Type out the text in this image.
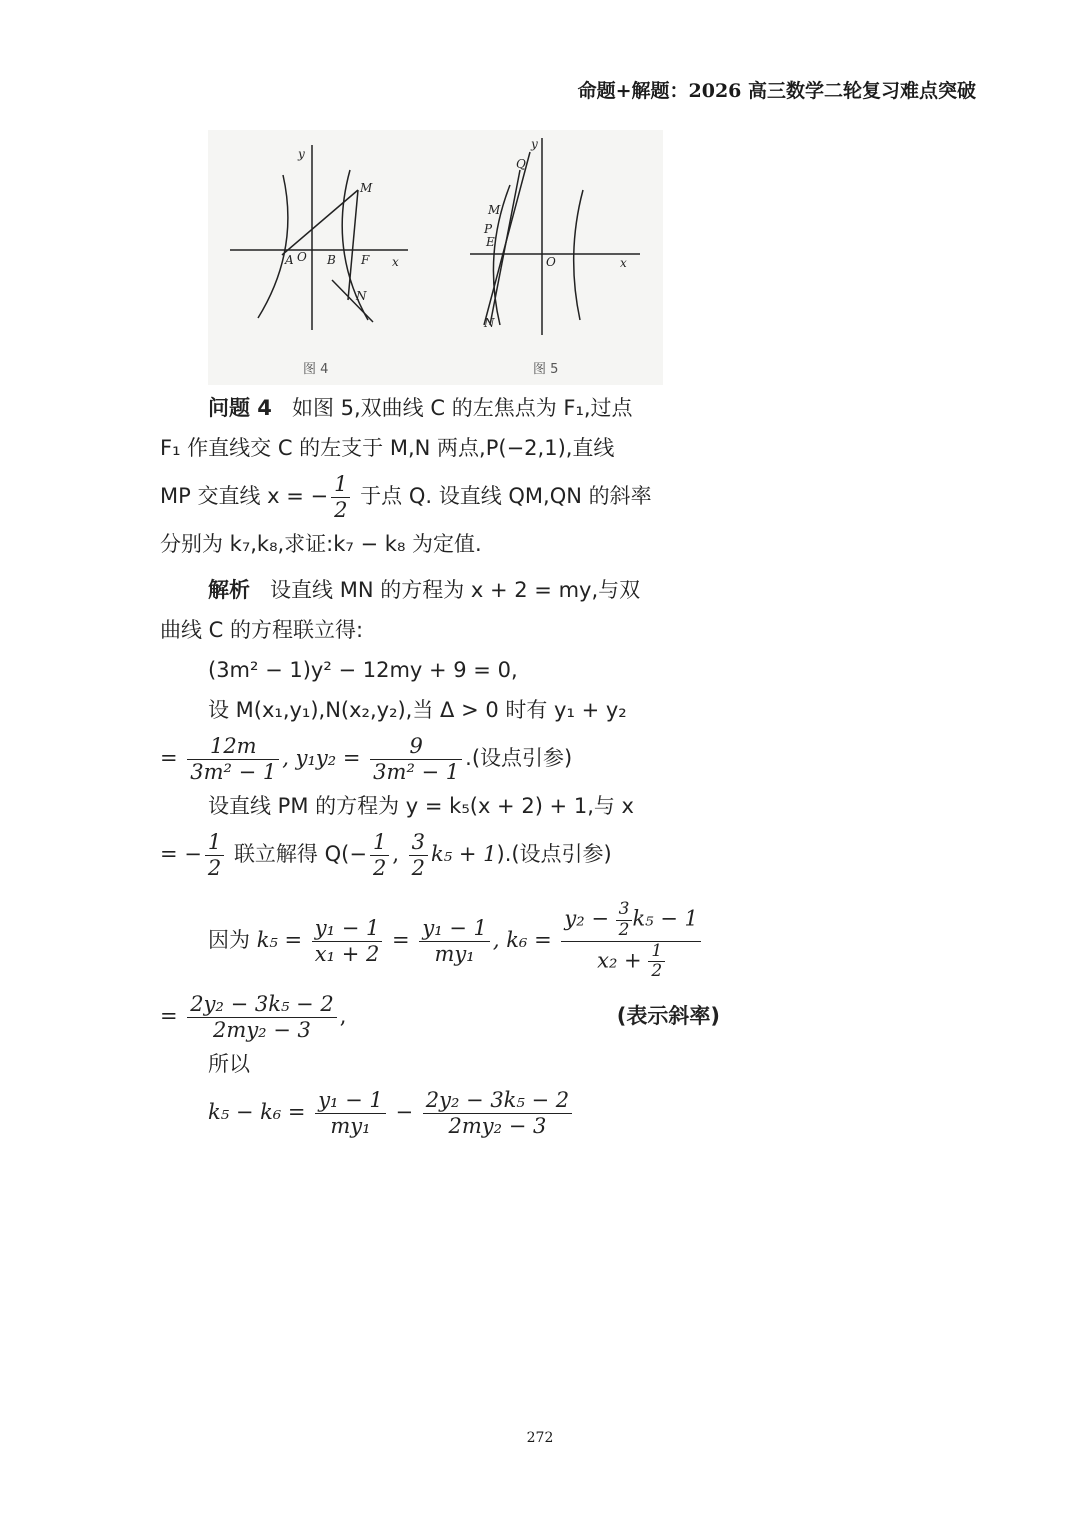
命题+解题：2026 高三数学二轮复习难点突破
y
x
M
A O B F
N
Q
y
x
M
P
E
O
N
图 4	图 5
问题 4 如图 5,双曲线 C 的左焦点为 F₁,过点
F₁ 作直线交 C 的左支于 M,N 两点,P(−2,1),直线
MP 交直线 x = − $\frac{1}{2}$ 于点 Q. 设直线 QM,QN 的斜率
分别为 k₇,k₈,求证:k₇ − k₈ 为定值.
解析 设直线 MN 的方程为 x + 2 = my,与双
曲线 C 的方程联立得:
(3m² − 1)y² − 12my + 9 = 0,
设 M(x₁,y₁),N(x₂,y₂),当 Δ > 0 时有 y₁ + y₂
= $\frac{12m}{\text{3m² − 1}}$ , $y_1y_2 = \frac{9}{\text{3m² − 1}}$ .(设点引参)
设直线 PM 的方程为 y = k₅(x + 2) + 1,与 x
= − $\frac{1}{2}$ 联立解得 $Q(- \frac{1}{2}$ , $\frac{3}{2} k_5 + 1$).(设点引参)
因为 $k_5 = \frac{\text{y₁ − 1}}{\text{x₁ + 2}} = \frac{\text{y₁ − 1}}{\text{my₁}}$ , $k_6 = \frac{y_2 - \frac{3}{2} k_5 - 1}{x_2 + \frac{1}{2}}$
= $\frac{\text{2y₂ − 3k₅ − 2}}{\text{2my₂ − 3}}$ ,	(表示斜率)
所以
$k_5 - k_6 = \frac{\text{y₁ − 1}}{\text{my₁}} - \frac{\text{2y₂ − 3k₅ − 2}}{\text{2my₂ − 3}}$
272
